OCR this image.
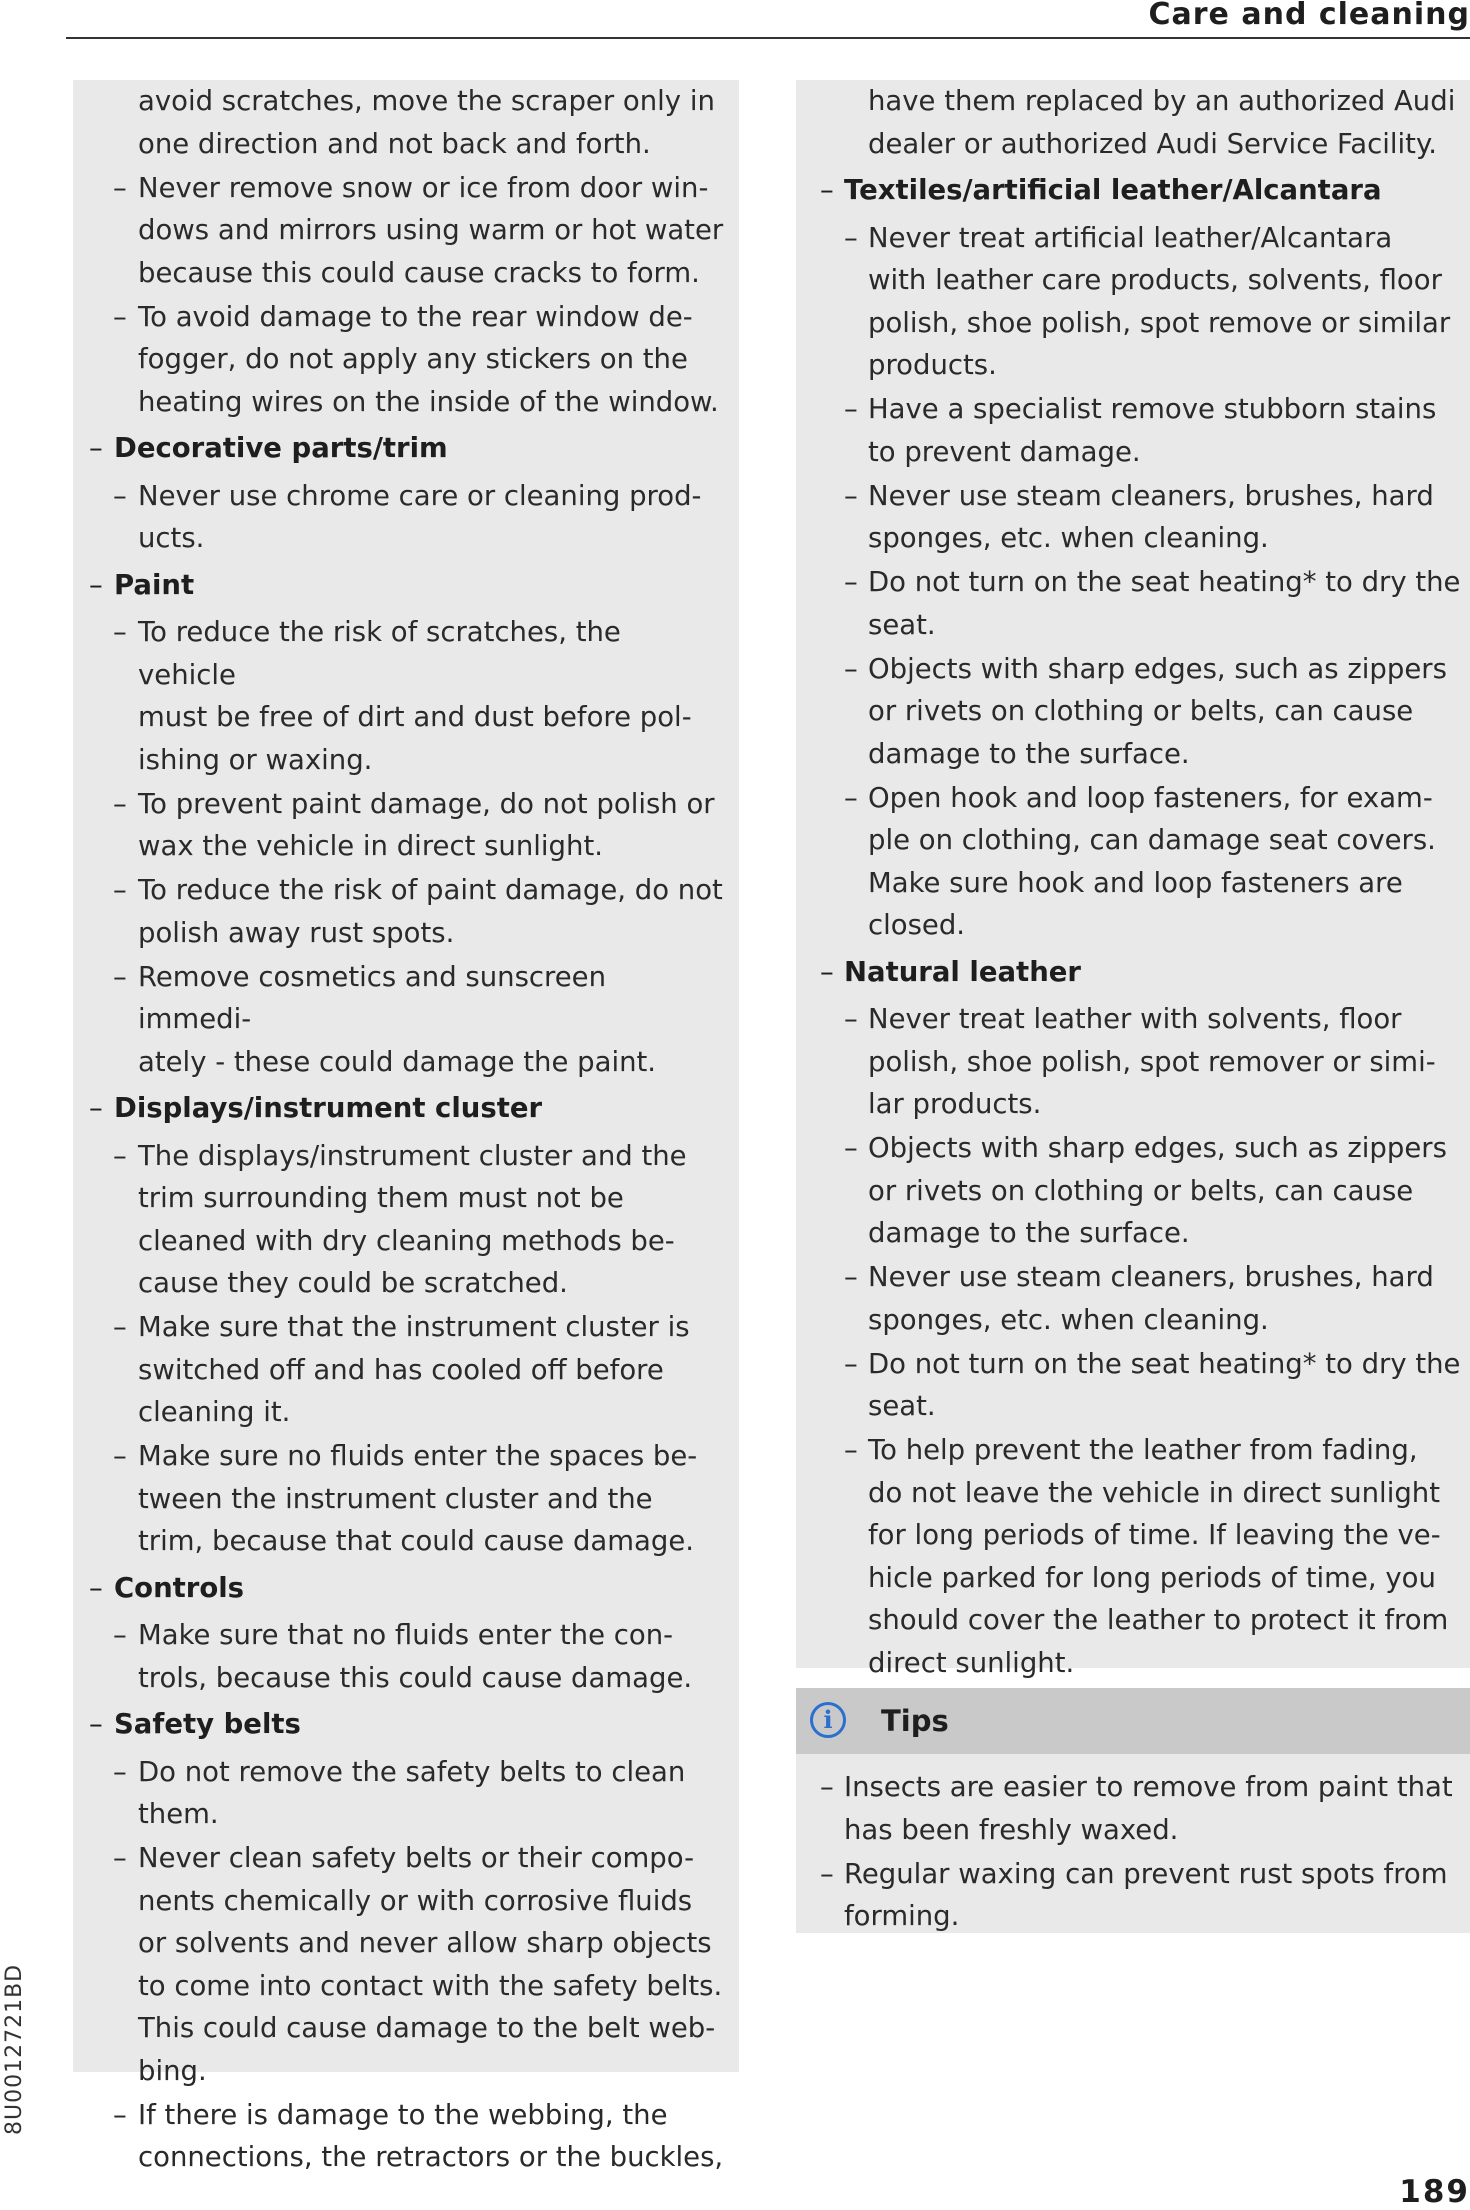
Care and cleaning
avoid scratches, move the scraper only in
one direction and not back and forth.
– Never remove snow or ice from door win-
dows and mirrors using warm or hot water
because this could cause cracks to form.
– To avoid damage to the rear window de-
fogger, do not apply any stickers on the
heating wires on the inside of the window.
– Decorative parts/trim
– Never use chrome care or cleaning prod-
ucts.
– Paint
– To reduce the risk of scratches, the vehicle
must be free of dirt and dust before pol-
ishing or waxing.
– To prevent paint damage, do not polish or
wax the vehicle in direct sunlight.
– To reduce the risk of paint damage, do not
polish away rust spots.
– Remove cosmetics and sunscreen immedi-
ately - these could damage the paint.
– Displays/instrument cluster
– The displays/instrument cluster and the
trim surrounding them must not be
cleaned with dry cleaning methods be-
cause they could be scratched.
– Make sure that the instrument cluster is
switched off and has cooled off before
cleaning it.
– Make sure no fluids enter the spaces be-
tween the instrument cluster and the
trim, because that could cause damage.
– Controls
– Make sure that no fluids enter the con-
trols, because this could cause damage.
– Safety belts
– Do not remove the safety belts to clean
them.
– Never clean safety belts or their compo-
nents chemically or with corrosive fluids
or solvents and never allow sharp objects
to come into contact with the safety belts.
This could cause damage to the belt web-
bing.
– If there is damage to the webbing, the
connections, the retractors or the buckles,
have them replaced by an authorized Audi
dealer or authorized Audi Service Facility.
– Textiles/artificial leather/Alcantara
– Never treat artificial leather/Alcantara
with leather care products, solvents, floor
polish, shoe polish, spot remove or similar
products.
– Have a specialist remove stubborn stains
to prevent damage.
– Never use steam cleaners, brushes, hard
sponges, etc. when cleaning.
– Do not turn on the seat heating* to dry the
seat.
– Objects with sharp edges, such as zippers
or rivets on clothing or belts, can cause
damage to the surface.
– Open hook and loop fasteners, for exam-
ple on clothing, can damage seat covers.
Make sure hook and loop fasteners are
closed.
– Natural leather
– Never treat leather with solvents, floor
polish, shoe polish, spot remover or simi-
lar products.
– Objects with sharp edges, such as zippers
or rivets on clothing or belts, can cause
damage to the surface.
– Never use steam cleaners, brushes, hard
sponges, etc. when cleaning.
– Do not turn on the seat heating* to dry the
seat.
– To help prevent the leather from fading,
do not leave the vehicle in direct sunlight
for long periods of time. If leaving the ve-
hicle parked for long periods of time, you
should cover the leather to protect it from
direct sunlight.
i	Tips
– Insects are easier to remove from paint that
has been freshly waxed.
– Regular waxing can prevent rust spots from
forming.
8U0012721BD
189
